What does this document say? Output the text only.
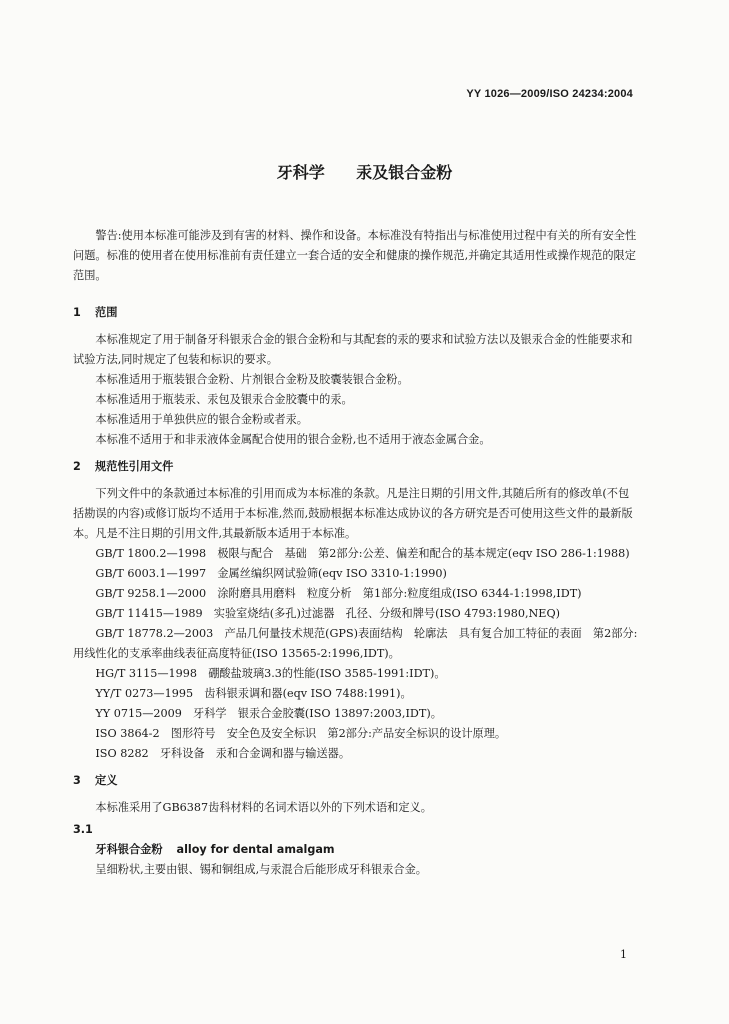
YY 1026—2009/ISO 24234:2004
牙科学 汞及银合金粉

警告:使用本标准可能涉及到有害的材料、操作和设备。本标准没有特指出与标准使用过程中有关的所有安全性问题。标准的使用者在使用标准前有责任建立一套合适的安全和健康的操作规范,并确定其适用性或操作规范的限定范围。

1 范围

本标准规定了用于制备牙科银汞合金的银合金粉和与其配套的汞的要求和试验方法以及银汞合金的性能要求和试验方法,同时规定了包装和标识的要求。

本标准适用于瓶装银合金粉、片剂银合金粉及胶囊装银合金粉。

本标准适用于瓶装汞、汞包及银汞合金胶囊中的汞。

本标准适用于单独供应的银合金粉或者汞。

本标准不适用于和非汞液体金属配合使用的银合金粉,也不适用于液态金属合金。

2 规范性引用文件

下列文件中的条款通过本标准的引用而成为本标准的条款。凡是注日期的引用文件,其随后所有的修改单(不包括勘误的内容)或修订版均不适用于本标准,然而,鼓励根据本标准达成协议的各方研究是否可使用这些文件的最新版本。凡是不注日期的引用文件,其最新版本适用于本标准。

GB/T 1800.2—1998　极限与配合　基础　第2部分:公差、偏差和配合的基本规定(eqv ISO 286-1:1988)

GB/T 6003.1—1997　金属丝编织网试验筛(eqv ISO 3310-1:1990)

GB/T 9258.1—2000　涂附磨具用磨料　粒度分析　第1部分:粒度组成(ISO 6344-1:1998,IDT)

GB/T 11415—1989　实验室烧结(多孔)过滤器　孔径、分级和牌号(ISO 4793:1980,NEQ)

GB/T 18778.2—2003　产品几何量技术规范(GPS)表面结构　轮廓法　具有复合加工特征的表面　第2部分:用线性化的支承率曲线表征高度特征(ISO 13565-2:1996,IDT)。

HG/T 3115—1998　硼酸盐玻璃3.3的性能(ISO 3585-1991:IDT)。

YY/T 0273—1995　齿科银汞调和器(eqv ISO 7488:1991)。

YY 0715—2009　牙科学　银汞合金胶囊(ISO 13897:2003,IDT)。

ISO 3864-2　图形符号　安全色及安全标识　第2部分:产品安全标识的设计原理。

ISO 8282　牙科设备　汞和合金调和器与输送器。

3 定义

本标准采用了GB6387齿科材料的名词术语以外的下列术语和定义。

3.1

牙科银合金粉 alloy for dental amalgam

呈细粉状,主要由银、锡和铜组成,与汞混合后能形成牙科银汞合金。

1
